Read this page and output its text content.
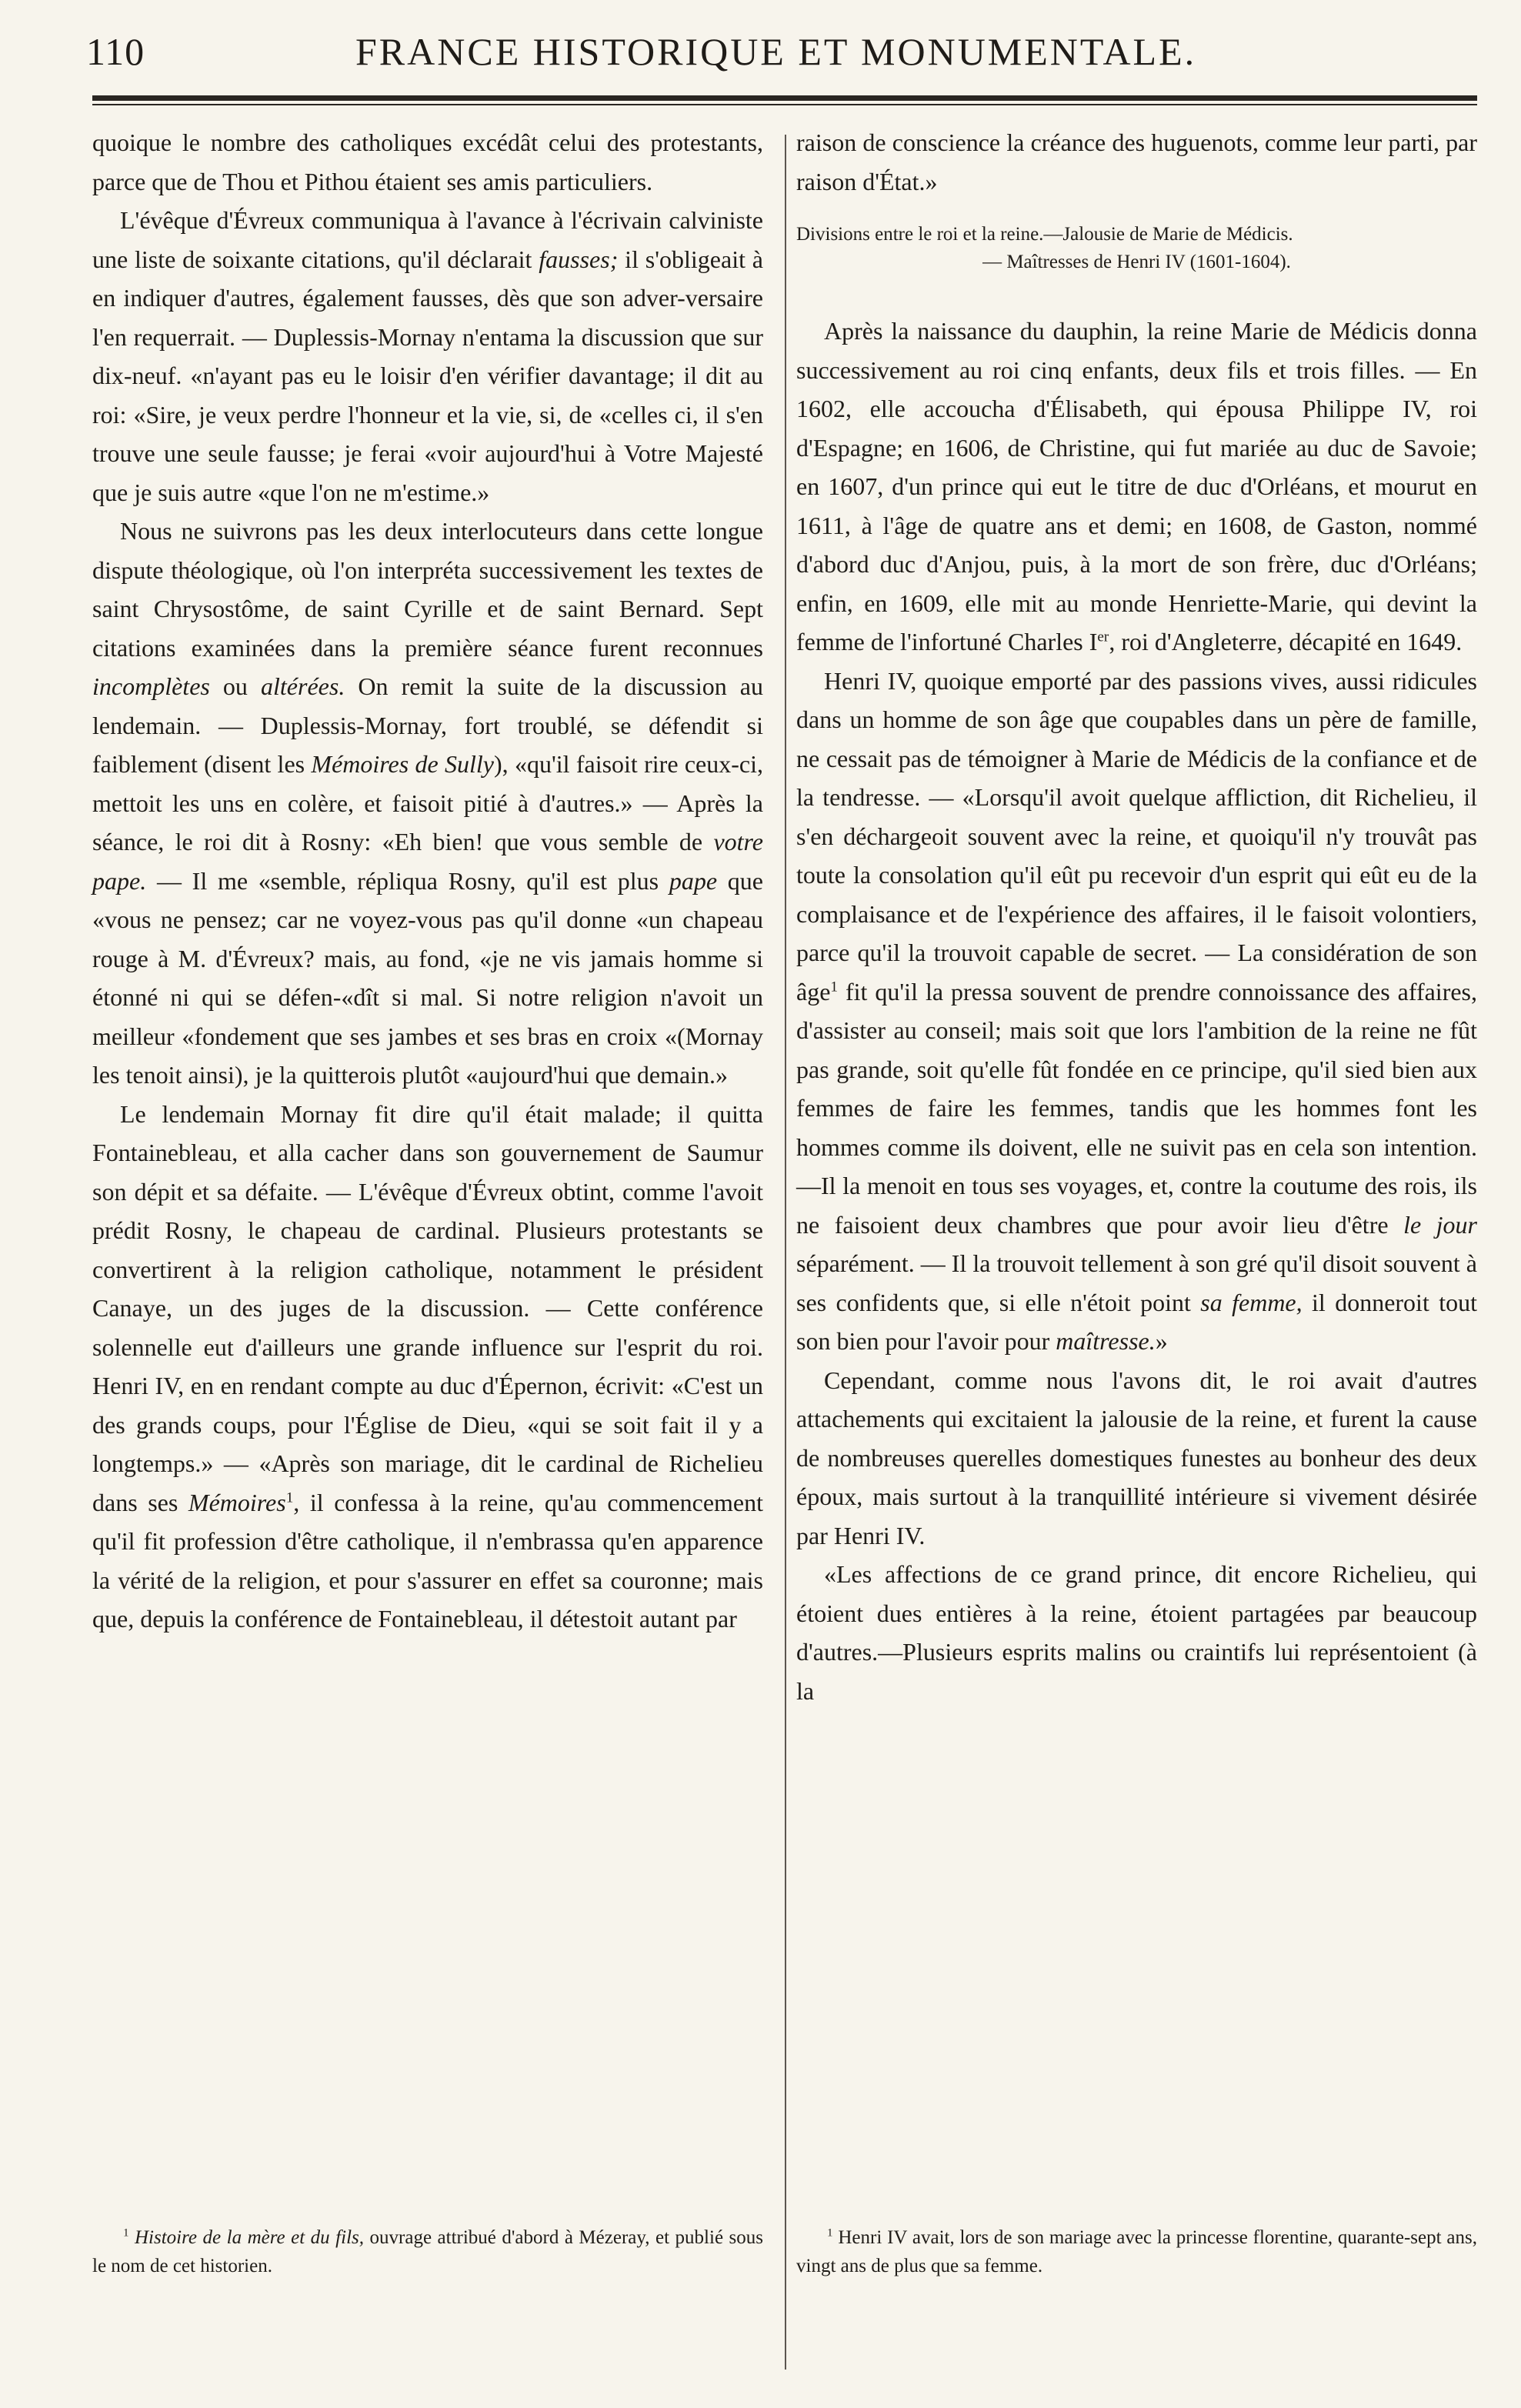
110	FRANCE HISTORIQUE ET MONUMENTALE.

quoique le nombre des catholiques excédât celui des protestants, parce que de Thou et Pithou étaient ses amis particuliers.

L'évêque d'Évreux communiqua à l'avance à l'écrivain calviniste une liste de soixante citations, qu'il déclarait fausses; il s'obligeait à en indiquer d'autres, également fausses, dès que son adver-versaire l'en requerrait. — Duplessis-Mornay n'entama la discussion que sur dix-neuf. «n'ayant pas eu le loisir d'en vérifier davantage; il dit au roi: «Sire, je veux perdre l'honneur et la vie, si, de «celles ci, il s'en trouve une seule fausse; je ferai «voir aujourd'hui à Votre Majesté que je suis autre «que l'on ne m'estime.»

Nous ne suivrons pas les deux interlocuteurs dans cette longue dispute théologique, où l'on interpréta successivement les textes de saint Chrysostôme, de saint Cyrille et de saint Bernard. Sept citations examinées dans la première séance furent reconnues incomplètes ou altérées. On remit la suite de la discussion au lendemain. — Duplessis-Mornay, fort troublé, se défendit si faiblement (disent les Mémoires de Sully), «qu'il faisoit rire ceux-ci, mettoit les uns en colère, et faisoit pitié à d'autres.» — Après la séance, le roi dit à Rosny: «Eh bien! que vous semble de votre pape. — Il me «semble, répliqua Rosny, qu'il est plus pape que «vous ne pensez; car ne voyez-vous pas qu'il donne «un chapeau rouge à M. d'Évreux? mais, au fond, «je ne vis jamais homme si étonné ni qui se défen-«dît si mal. Si notre religion n'avoit un meilleur «fondement que ses jambes et ses bras en croix «(Mornay les tenoit ainsi), je la quitterois plutôt «aujourd'hui que demain.»

Le lendemain Mornay fit dire qu'il était malade; il quitta Fontainebleau, et alla cacher dans son gouvernement de Saumur son dépit et sa défaite. — L'évêque d'Évreux obtint, comme l'avoit prédit Rosny, le chapeau de cardinal. Plusieurs protestants se convertirent à la religion catholique, notamment le président Canaye, un des juges de la discussion. — Cette conférence solennelle eut d'ailleurs une grande influence sur l'esprit du roi. Henri IV, en en rendant compte au duc d'Épernon, écrivit: «C'est un des grands coups, pour l'Église de Dieu, «qui se soit fait il y a longtemps.» — «Après son mariage, dit le cardinal de Richelieu dans ses Mémoires$^1$, il confessa à la reine, qu'au commencement qu'il fit profession d'être catholique, il n'embrassa qu'en apparence la vérité de la religion, et pour s'assurer en effet sa couronne; mais que, depuis la conférence de Fontainebleau, il détestoit autant par

raison de conscience la créance des huguenots, comme leur parti, par raison d'État.»

Divisions entre le roi et la reine.—Jalousie de Marie de Médicis.
— Maîtresses de Henri IV (1601-1604).

Après la naissance du dauphin, la reine Marie de Médicis donna successivement au roi cinq enfants, deux fils et trois filles. — En 1602, elle accoucha d'Élisabeth, qui épousa Philippe IV, roi d'Espagne; en 1606, de Christine, qui fut mariée au duc de Savoie; en 1607, d'un prince qui eut le titre de duc d'Orléans, et mourut en 1611, à l'âge de quatre ans et demi; en 1608, de Gaston, nommé d'abord duc d'Anjou, puis, à la mort de son frère, duc d'Orléans; enfin, en 1609, elle mit au monde Henriette-Marie, qui devint la femme de l'infortuné Charles Ier, roi d'Angleterre, décapité en 1649.

Henri IV, quoique emporté par des passions vives, aussi ridicules dans un homme de son âge que coupables dans un père de famille, ne cessait pas de témoigner à Marie de Médicis de la confiance et de la tendresse. — «Lorsqu'il avoit quelque affliction, dit Richelieu, il s'en déchargeoit souvent avec la reine, et quoiqu'il n'y trouvât pas toute la consolation qu'il eût pu recevoir d'un esprit qui eût eu de la complaisance et de l'expérience des affaires, il le faisoit volontiers, parce qu'il la trouvoit capable de secret. — La considération de son âge$^1$ fit qu'il la pressa souvent de prendre connoissance des affaires, d'assister au conseil; mais soit que lors l'ambition de la reine ne fût pas grande, soit qu'elle fût fondée en ce principe, qu'il sied bien aux femmes de faire les femmes, tandis que les hommes font les hommes comme ils doivent, elle ne suivit pas en cela son intention.—Il la menoit en tous ses voyages, et, contre la coutume des rois, ils ne faisoient deux chambres que pour avoir lieu d'être le jour séparément. — Il la trouvoit tellement à son gré qu'il disoit souvent à ses confidents que, si elle n'étoit point sa femme, il donneroit tout son bien pour l'avoir pour maîtresse.»

Cependant, comme nous l'avons dit, le roi avait d'autres attachements qui excitaient la jalousie de la reine, et furent la cause de nombreuses querelles domestiques funestes au bonheur des deux époux, mais surtout à la tranquillité intérieure si vivement désirée par Henri IV.

«Les affections de ce grand prince, dit encore Richelieu, qui étoient dues entières à la reine, étoient partagées par beaucoup d'autres.—Plusieurs esprits malins ou craintifs lui représentoient (à la

$^1$ Histoire de la mère et du fils, ouvrage attribué d'abord à Mézeray, et publié sous le nom de cet historien.

$^1$ Henri IV avait, lors de son mariage avec la princesse florentine, quarante-sept ans, vingt ans de plus que sa femme.
